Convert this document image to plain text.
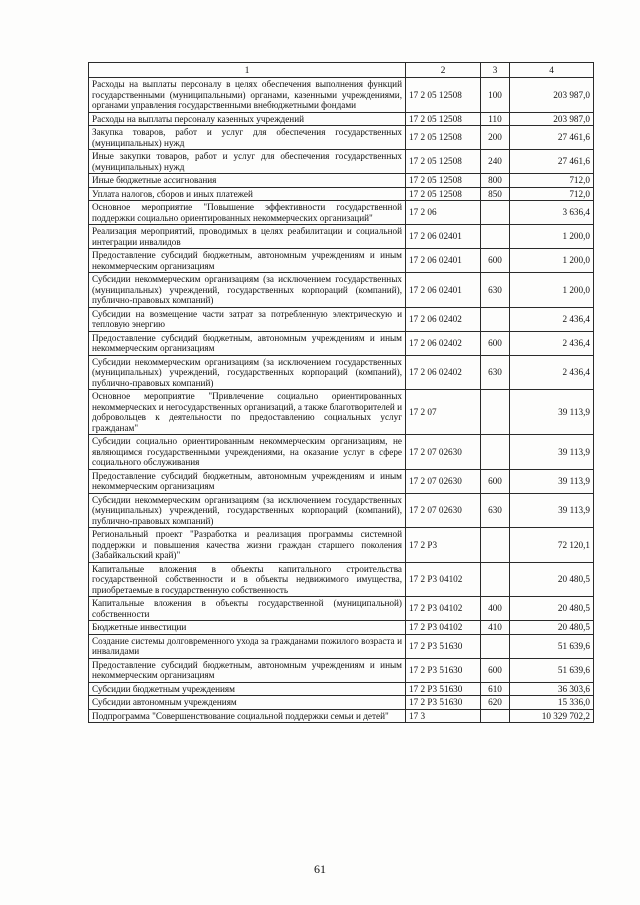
1	2	3	4
Расходы на выплаты персоналу в целях обеспечения выполнения функций государственными (муниципальными) органами, казенными учреждениями, органами управления государственными внебюджетными фондами	17 2 05 12508	100	203 987,0
Расходы на выплаты персоналу казенных учреждений	17 2 05 12508	110	203 987,0
Закупка товаров, работ и услуг для обеспечения государственных (муниципальных) нужд	17 2 05 12508	200	27 461,6
Иные закупки товаров, работ и услуг для обеспечения государственных (муниципальных) нужд	17 2 05 12508	240	27 461,6
Иные бюджетные ассигнования	17 2 05 12508	800	712,0
Уплата налогов, сборов и иных платежей	17 2 05 12508	850	712,0
Основное мероприятие "Повышение эффективности государственной поддержки социально ориентированных некоммерческих организаций"	17 2 06		3 636,4
Реализация мероприятий, проводимых в целях реабилитации и социальной интеграции инвалидов	17 2 06 02401		1 200,0
Предоставление субсидий бюджетным, автономным учреждениям и иным некоммерческим организациям	17 2 06 02401	600	1 200,0
Субсидии некоммерческим организациям (за исключением государственных (муниципальных) учреждений, государственных корпораций (компаний), публично-правовых компаний)	17 2 06 02401	630	1 200,0
Субсидии на возмещение части затрат за потребленную электрическую и тепловую энергию	17 2 06 02402		2 436,4
Предоставление субсидий бюджетным, автономным учреждениям и иным некоммерческим организациям	17 2 06 02402	600	2 436,4
Субсидии некоммерческим организациям (за исключением государственных (муниципальных) учреждений, государственных корпораций (компаний), публично-правовых компаний)	17 2 06 02402	630	2 436,4
Основное мероприятие "Привлечение социально ориентированных некоммерческих и негосударственных организаций, а также благотворителей и добровольцев к деятельности по предоставлению социальных услуг гражданам"	17 2 07		39 113,9
Субсидии социально ориентированным некоммерческим организациям, не являющимся государственными учреждениями, на оказание услуг в сфере социального обслуживания	17 2 07 02630		39 113,9
Предоставление субсидий бюджетным, автономным учреждениям и иным некоммерческим организациям	17 2 07 02630	600	39 113,9
Субсидии некоммерческим организациям (за исключением государственных (муниципальных) учреждений, государственных корпораций (компаний), публично-правовых компаний)	17 2 07 02630	630	39 113,9
Региональный проект "Разработка и реализация программы системной поддержки и повышения качества жизни граждан старшего поколения (Забайкальский край)"	17 2 P3		72 120,1
Капитальные вложения в объекты капитального строительства государственной собственности и в объекты недвижимого имущества, приобретаемые в государственную собственность	17 2 P3 04102		20 480,5
Капитальные вложения в объекты государственной (муниципальной) собственности	17 2 P3 04102	400	20 480,5
Бюджетные инвестиции	17 2 P3 04102	410	20 480,5
Создание системы долговременного ухода за гражданами пожилого возраста и инвалидами	17 2 P3 51630		51 639,6
Предоставление субсидий бюджетным, автономным учреждениям и иным некоммерческим организациям	17 2 P3 51630	600	51 639,6
Субсидии бюджетным учреждениям	17 2 P3 51630	610	36 303,6
Субсидии автономным учреждениям	17 2 P3 51630	620	15 336,0
Подпрограмма "Совершенствование социальной поддержки семьи и детей"	17 3		10 329 702,2
61
